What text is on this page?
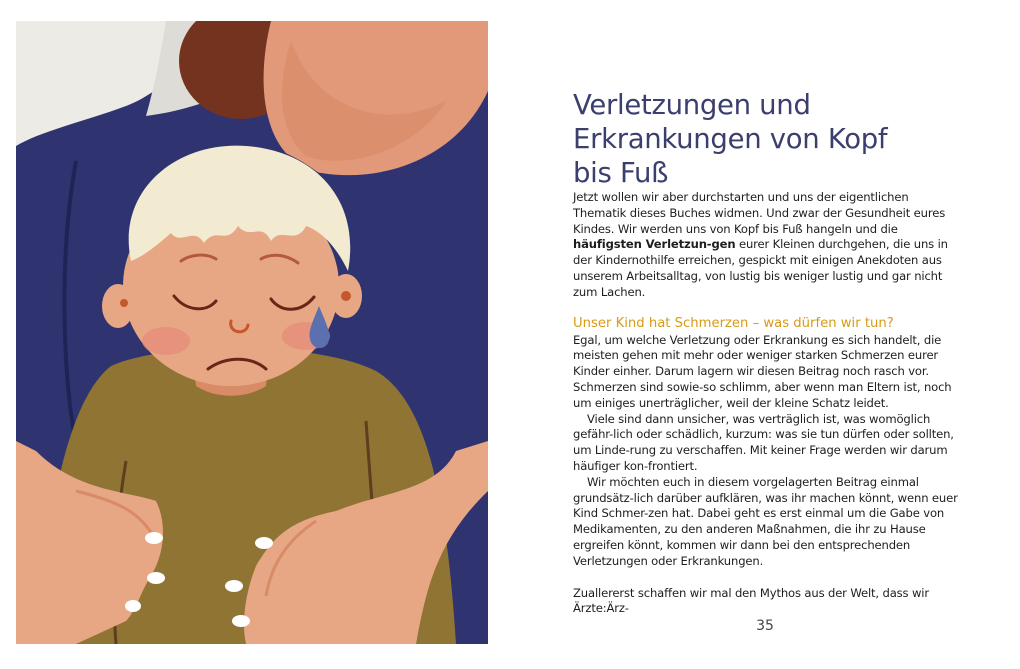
Verletzungen und
Erkrankungen von Kopf
bis Fuß

Jetzt wollen wir aber durchstarten und uns der eigentlichen Thematik dieses Buches widmen. Und zwar der Gesundheit eures Kindes. Wir werden uns von Kopf bis Fuß hangeln und die häufigsten Verletzun-gen eurer Kleinen durchgehen, die uns in der Kindernothilfe erreichen, gespickt mit einigen Anekdoten aus unserem Arbeitsalltag, von lustig bis weniger lustig und gar nicht zum Lachen.

Unser Kind hat Schmerzen – was dürfen wir tun?

Egal, um welche Verletzung oder Erkrankung es sich handelt, die meisten gehen mit mehr oder weniger starken Schmerzen eurer Kinder einher. Darum lagern wir diesen Beitrag noch rasch vor. Schmerzen sind sowie-so schlimm, aber wenn man Eltern ist, noch um einiges unerträglicher, weil der kleine Schatz leidet.

Viele sind dann unsicher, was verträglich ist, was womöglich gefähr-lich oder schädlich, kurzum: was sie tun dürfen oder sollten, um Linde-rung zu verschaffen. Mit keiner Frage werden wir darum häufiger kon-frontiert.

Wir möchten euch in diesem vorgelagerten Beitrag einmal grundsätz-lich darüber aufklären, was ihr machen könnt, wenn euer Kind Schmer-zen hat. Dabei geht es erst einmal um die Gabe von Medikamenten, zu den anderen Maßnahmen, die ihr zu Hause ergreifen könnt, kommen wir dann bei den entsprechenden Verletzungen oder Erkrankungen.

Zuallererst schaffen wir mal den Mythos aus der Welt, dass wir Ärzte:Ärz-

35
